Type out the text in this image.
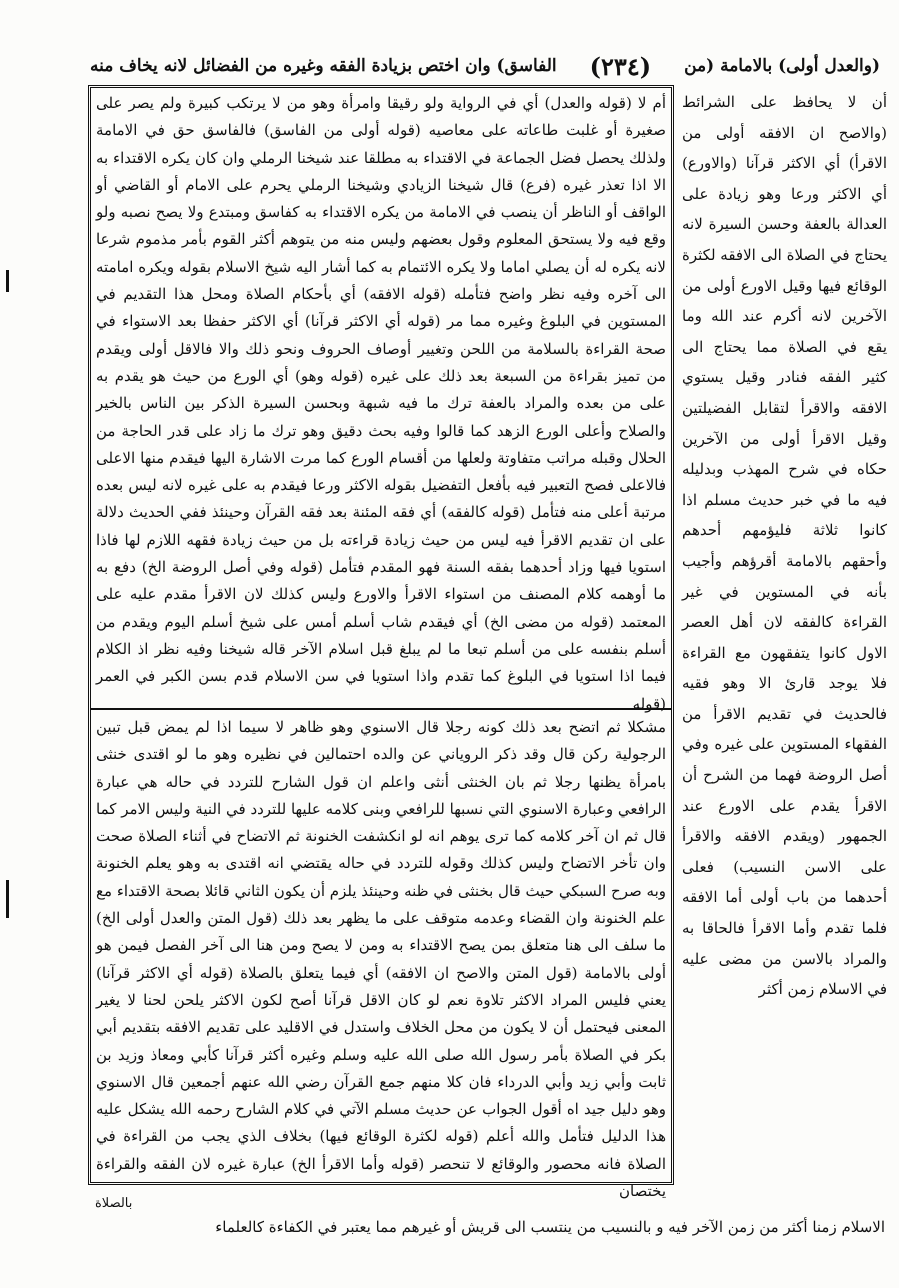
(والعدل أولى) بالامامة (من
(٢٣٤)
الفاسق) وان اختص بزيادة الفقه وغيره من الفضائل لانه يخاف منه

أن لا يحافظ على الشرائط (والاصح ان الافقه أولى من الاقرأ) أي الاكثر قرآنا (والاورع) أي الاكثر ورعا وهو زيادة على العدالة بالعفة وحسن السيرة لانه يحتاج في الصلاة الى الافقه لكثرة الوقائع فيها وقيل الاورع أولى من الآخرين لانه أكرم عند الله وما يقع في الصلاة مما يحتاج الى كثير الفقه فنادر وقيل يستوي الافقه والاقرأ لتقابل الفضيلتين وقيل الاقرأ أولى من الآخرين حكاه في شرح المهذب وبدليله فيه ما في خبر حديث مسلم اذا كانوا ثلاثة فليؤمهم أحدهم وأحقهم بالامامة أقرؤهم وأجيب بأنه في المستوين في غير القراءة كالفقه لان أهل العصر الاول كانوا يتفقهون مع القراءة فلا يوجد قارئ الا وهو فقيه فالحديث في تقديم الاقرأ من الفقهاء المستوين على غيره وفي أصل الروضة فهما من الشرح أن الاقرأ يقدم على الاورع عند الجمهور (ويقدم الافقه والاقرأ على الاسن النسيب) فعلى أحدهما من باب أولى أما الافقه فلما تقدم وأما الاقرأ فالحاقا به والمراد بالاسن من مضى عليه في الاسلام زمن أكثر

أم لا (قوله والعدل) أي في الرواية ولو رقيقا وامرأة وهو من لا يرتكب كبيرة ولم يصر على صغيرة أو غلبت طاعاته على معاصيه (قوله أولى من الفاسق) فالفاسق حق في الامامة ولذلك يحصل فضل الجماعة في الاقتداء به مطلقا عند شيخنا الرملي وان كان يكره الاقتداء به الا اذا تعذر غيره (فرع) قال شيخنا الزيادي وشيخنا الرملي يحرم على الامام أو القاضي أو الواقف أو الناظر أن ينصب في الامامة من يكره الاقتداء به كفاسق ومبتدع ولا يصح نصبه ولو وقع فيه ولا يستحق المعلوم وقول بعضهم وليس منه من يتوهم أكثر القوم بأمر مذموم شرعا لانه يكره له أن يصلي اماما ولا يكره الائتمام به كما أشار اليه شيخ الاسلام بقوله ويكره امامته الى آخره وفيه نظر واضح فتأمله (قوله الافقه) أي بأحكام الصلاة ومحل هذا التقديم في المستوين في البلوغ وغيره مما مر (قوله أي الاكثر قرآنا) أي الاكثر حفظا بعد الاستواء في صحة القراءة بالسلامة من اللحن وتغيير أوصاف الحروف ونحو ذلك والا فالاقل أولى ويقدم من تميز بقراءة من السبعة بعد ذلك على غيره (قوله وهو) أي الورع من حيث هو يقدم به على من بعده والمراد بالعفة ترك ما فيه شبهة وبحسن السيرة الذكر بين الناس بالخير والصلاح وأعلى الورع الزهد كما قالوا وفيه بحث دقيق وهو ترك ما زاد على قدر الحاجة من الحلال وقبله مراتب متفاوتة ولعلها من أقسام الورع كما مرت الاشارة اليها فيقدم منها الاعلى فالاعلى فصح التعبير فيه بأفعل التفضيل بقوله الاكثر ورعا فيقدم به على غيره لانه ليس بعده مرتبة أعلى منه فتأمل (قوله كالفقه) أي فقه المئنة بعد فقه القرآن وحينئذ ففي الحديث دلالة على ان تقديم الاقرأ فيه ليس من حيث زيادة قراءته بل من حيث زيادة فقهه اللازم لها فاذا استويا فيها وزاد أحدهما بفقه السنة فهو المقدم فتأمل (قوله وفي أصل الروضة الخ) دفع به ما أوهمه كلام المصنف من استواء الاقرأ والاورع وليس كذلك لان الاقرأ مقدم عليه على المعتمد (قوله من مضى الخ) أي فيقدم شاب أسلم أمس على شيخ أسلم اليوم ويقدم من أسلم بنفسه على من أسلم تبعا ما لم يبلغ قبل اسلام الآخر قاله شيخنا وفيه نظر اذ الكلام فيما اذا استويا في البلوغ كما تقدم واذا استويا في سن الاسلام قدم بسن الكبر في العمر (قوله

مشكلا ثم اتضح بعد ذلك كونه رجلا قال الاسنوي وهو ظاهر لا سيما اذا لم يمض قبل تبين الرجولية ركن قال وقد ذكر الروياني عن والده احتمالين في نظيره وهو ما لو اقتدى خنثى بامرأة يظنها رجلا ثم بان الخنثى أنثى واعلم ان قول الشارح للتردد في حاله هي عبارة الرافعي وعبارة الاسنوي التي نسبها للرافعي وبنى كلامه عليها للتردد في النية وليس الامر كما قال ثم ان آخر كلامه كما ترى يوهم انه لو انكشفت الخنونة ثم الاتضاح في أثناء الصلاة صحت وان تأخر الاتضاح وليس كذلك وقوله للتردد في حاله يقتضي انه اقتدى به وهو يعلم الخنونة وبه صرح السبكي حيث قال بخنثى في ظنه وحينئذ يلزم أن يكون الثاني قائلا بصحة الاقتداء مع علم الخنونة وان القضاء وعدمه متوقف على ما يظهر بعد ذلك (قول المتن والعدل أولى الخ) ما سلف الى هنا متعلق بمن يصح الاقتداء به ومن لا يصح ومن هنا الى آخر الفصل فيمن هو أولى بالامامة (قول المتن والاصح ان الافقه) أي فيما يتعلق بالصلاة (قوله أي الاكثر قرآنا) يعني فليس المراد الاكثر تلاوة نعم لو كان الاقل قرآنا أصح لكون الاكثر يلحن لحنا لا يغير المعنى فيحتمل أن لا يكون من محل الخلاف واستدل في الاقليد على تقديم الافقه بتقديم أبي بكر في الصلاة بأمر رسول الله صلى الله عليه وسلم وغيره أكثر قرآنا كأبي ومعاذ وزيد بن ثابت وأبي زيد وأبي الدرداء فان كلا منهم جمع القرآن رضي الله عنهم أجمعين قال الاسنوي وهو دليل جيد اه أقول الجواب عن حديث مسلم الآتي في كلام الشارح رحمه الله يشكل عليه هذا الدليل فتأمل والله أعلم (قوله لكثرة الوقائع فيها) بخلاف الذي يجب من القراءة في الصلاة فانه محصور والوقائع لا تنحصر (قوله وأما الاقرأ الخ) عبارة غيره لان الفقه والقراءة يختصان

بالصلاة
الاسلام زمنا أكثر من زمن الآخر فيه و بالنسيب من ينتسب الى قريش أو غيرهم مما يعتبر في الكفاءة كالعلماء
